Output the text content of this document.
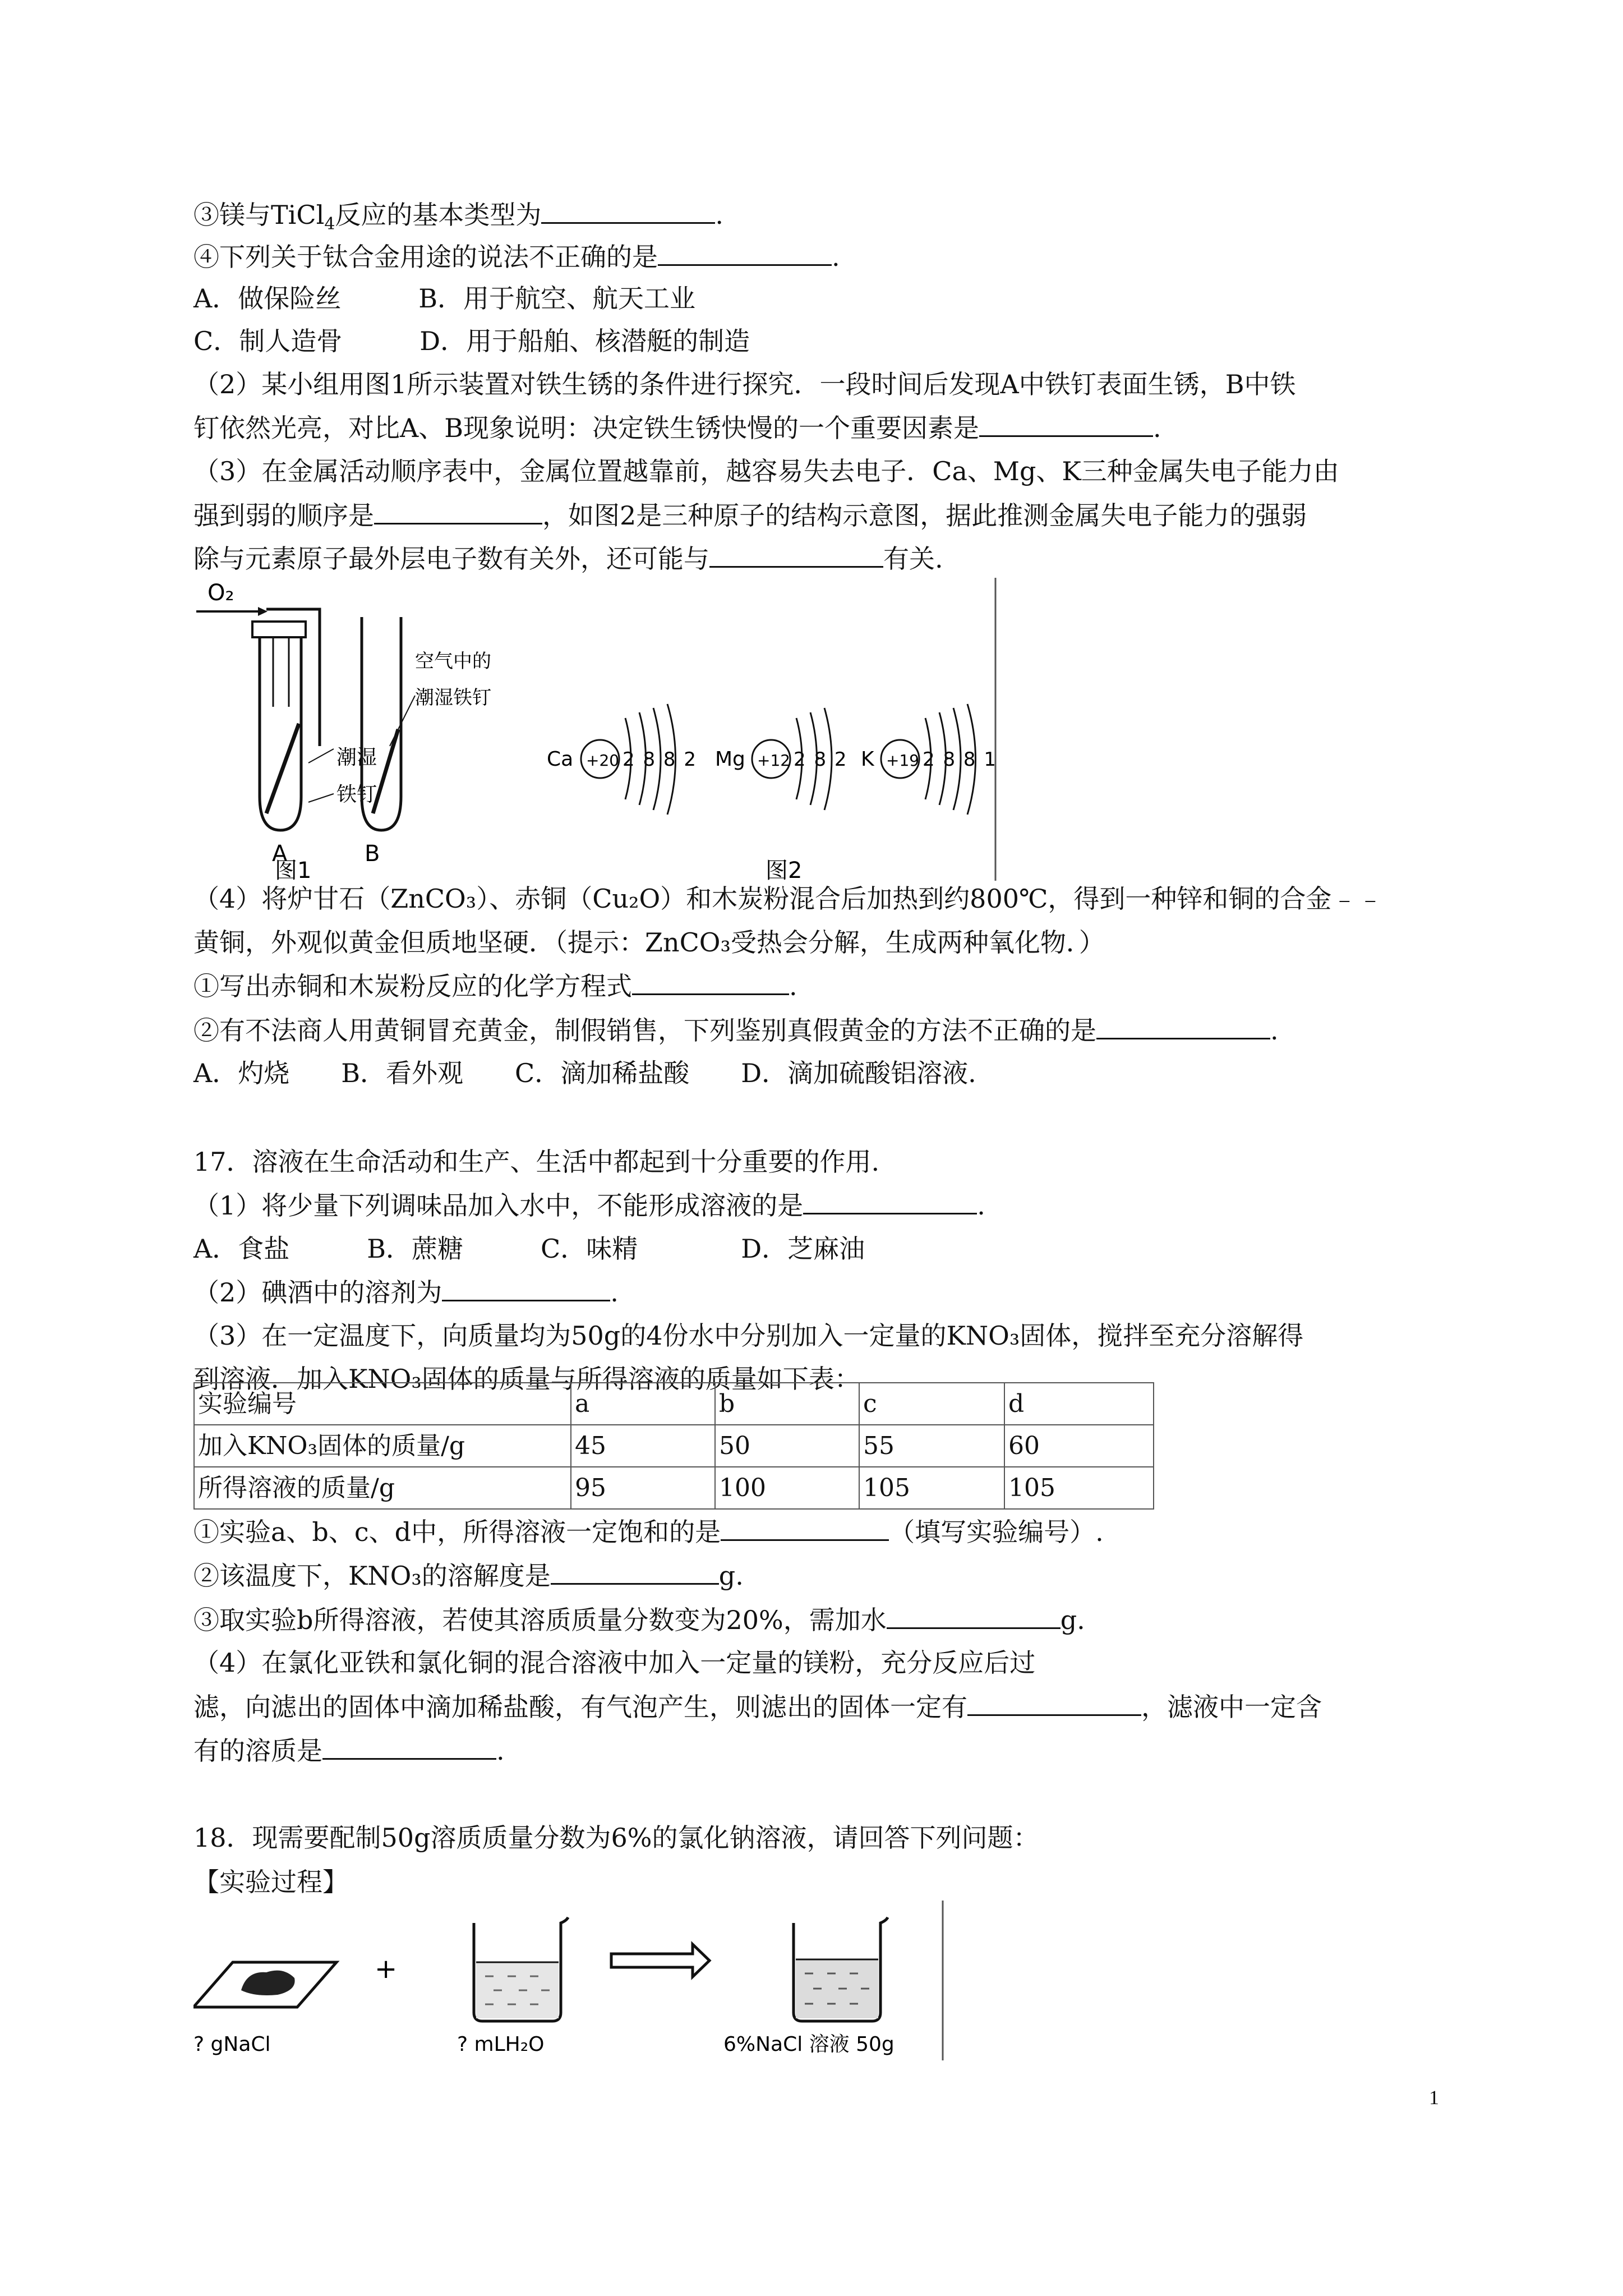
③镁与TiCl$_4$反应的基本类型为	.
④下列关于钛合金用途的说法不正确的是	.
A．做保险丝　　　B．用于航空、航天工业
C．制人造骨　　　D．用于船舶、核潜艇的制造
（2）某小组用图1所示装置对铁生锈的条件进行探究．一段时间后发现A中铁钉表面生锈，B中铁
钉依然光亮，对比A、B现象说明：决定铁生锈快慢的一个重要因素是	.
（3）在金属活动顺序表中，金属位置越靠前，越容易失去电子．Ca、Mg、K三种金属失电子能力由
强到弱的顺序是	，如图2是三种原子的结构示意图，据此推测金属失电子能力的强弱
除与元素原子最外层电子数有关外，还可能与	有关.
O₂
潮湿
铁钉
A
空气中的
潮湿铁钉
B
图1
Ca +20 2 8 8 2 Mg +12 2 8 2 K +19 2 8 8 1
图2
（4）将炉甘石（ZnCO₃）、赤铜（Cu₂O）和木炭粉混合后加热到约800℃，得到一种锌和铜的合金﹣﹣
黄铜，外观似黄金但质地坚硬．（提示：ZnCO₃受热会分解，生成两种氧化物．）
①写出赤铜和木炭粉反应的化学方程式	.
②有不法商人用黄铜冒充黄金，制假销售，下列鉴别真假黄金的方法不正确的是	.
A．灼烧　　B．看外观　　C．滴加稀盐酸　　D．滴加硫酸铝溶液.
17．溶液在生命活动和生产、生活中都起到十分重要的作用.
（1）将少量下列调味品加入水中，不能形成溶液的是	.
A．食盐　　　B．蔗糖　　　C．味精　　　　D．芝麻油
（2）碘酒中的溶剂为	.
（3）在一定温度下，向质量均为50g的4份水中分别加入一定量的KNO₃固体，搅拌至充分溶解得
到溶液．加入KNO₃固体的质量与所得溶液的质量如下表：
实验编号	a	b	c	d
加入KNO₃固体的质量/g	45	50	55	60
所得溶液的质量/g	95	100	105	105
①实验a、b、c、d中，所得溶液一定饱和的是	（填写实验编号）.
②该温度下，KNO₃的溶解度是	g.
③取实验b所得溶液，若使其溶质质量分数变为20%，需加水	g.
（4）在氯化亚铁和氯化铜的混合溶液中加入一定量的镁粉，充分反应后过
滤，向滤出的固体中滴加稀盐酸，有气泡产生，则滤出的固体一定有	，滤液中一定含
有的溶质是	.
18．现需要配制50g溶质质量分数为6%的氯化钠溶液，请回答下列问题：
【实验过程】
? gNaCl
+
? mLH₂O	6%NaCl 溶液 50g
1
